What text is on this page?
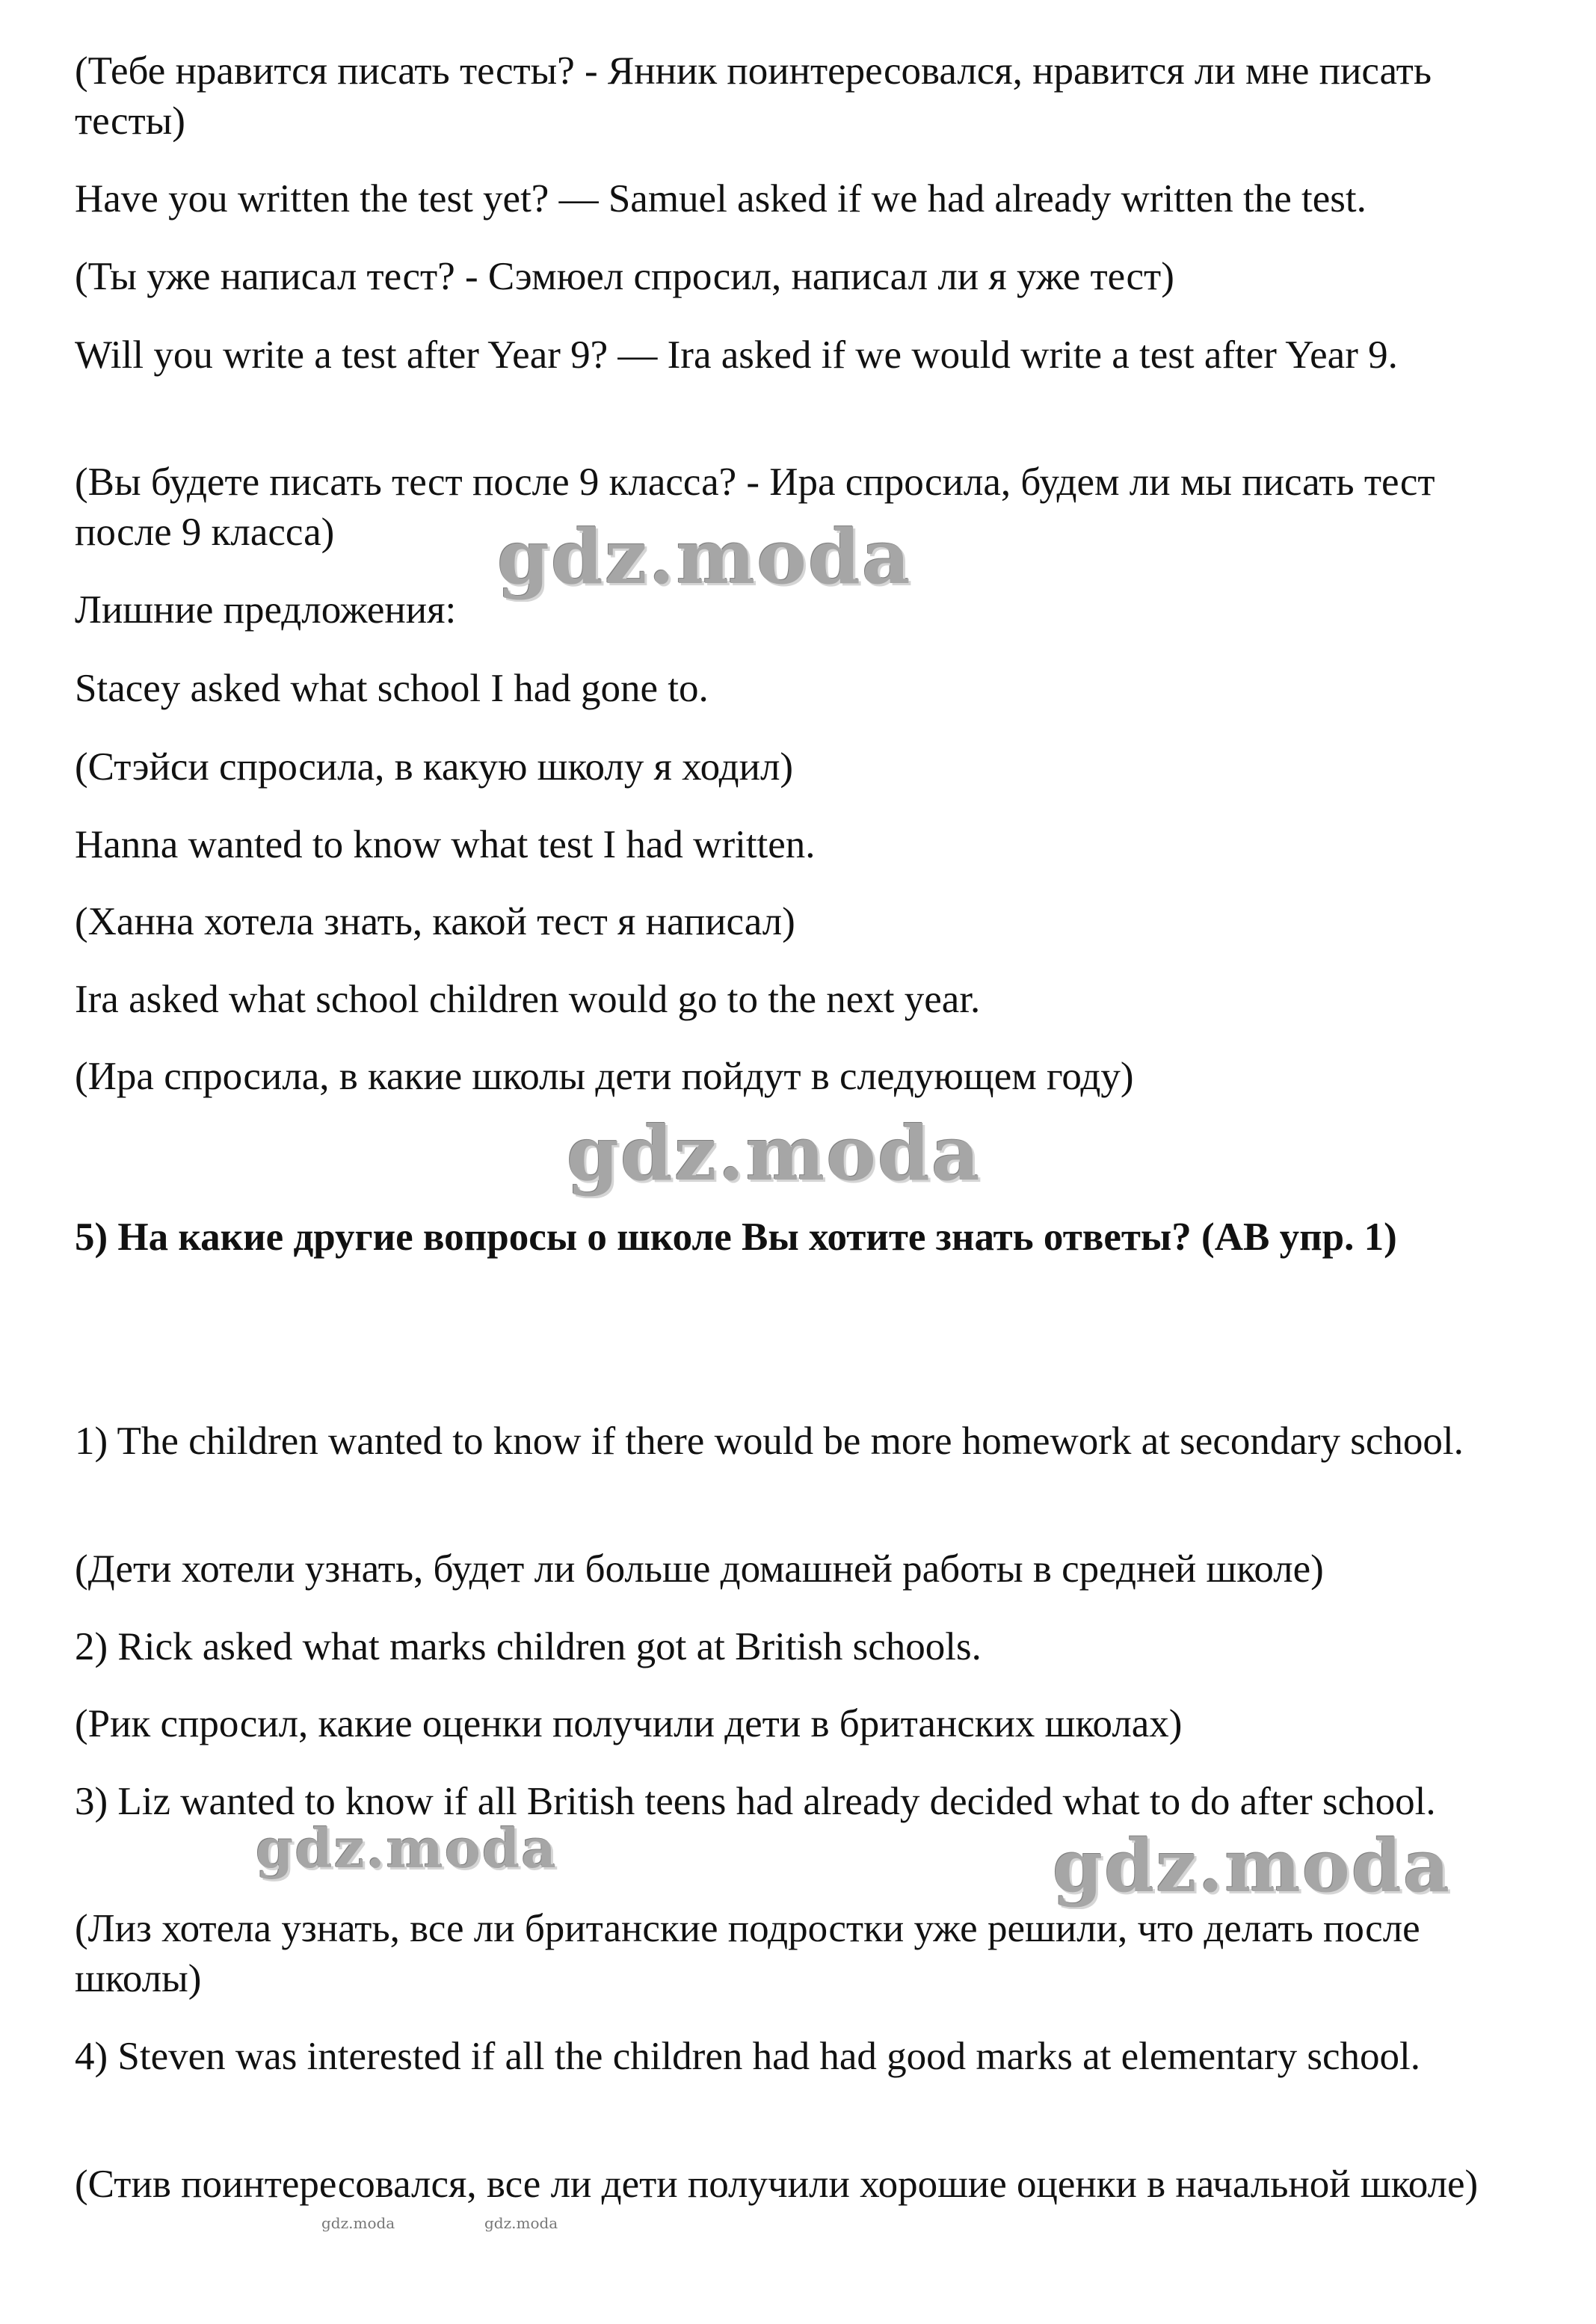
(Тебе нравится писать тесты? - Янник поинтересовался, нравится ли мне писать тесты)

Have you written the test yet? — Samuel asked if we had already written the test.

(Ты уже написал тест? - Сэмюел спросил, написал ли я уже тест)

Will you write a test after Year 9? — Ira asked if we would write a test after Year 9.

(Вы будете писать тест после 9 класса? - Ира спросила, будем ли мы писать тест после 9 класса)

Лишние предложения:

Stacey asked what school I had gone to.

(Стэйси спросила, в какую школу я ходил)

Hanna wanted to know what test I had written.

(Ханна хотела знать, какой тест я написал)

Ira asked what school children would go to the next year.

(Ира спросила, в какие школы дети пойдут в следующем году)

5) На какие другие вопросы о школе Вы хотите знать ответы? (AB упр. 1)

1) The children wanted to know if there would be more homework at secondary school.

(Дети хотели узнать, будет ли больше домашней работы в средней школе)

2) Rick asked what marks children got at British schools.

(Рик спросил, какие оценки получили дети в британских школах)

3) Liz wanted to know if all British teens had already decided what to do after school.

(Лиз хотела узнать, все ли британские подростки уже решили, что делать после школы)

4) Steven was interested if all the children had had good marks at elementary school.

(Стив поинтересовался, все ли дети получили хорошие оценки в начальной школе)

gdz.moda
gdz.moda
gdz.moda	gdz.moda
gdz.moda	gdz.moda
